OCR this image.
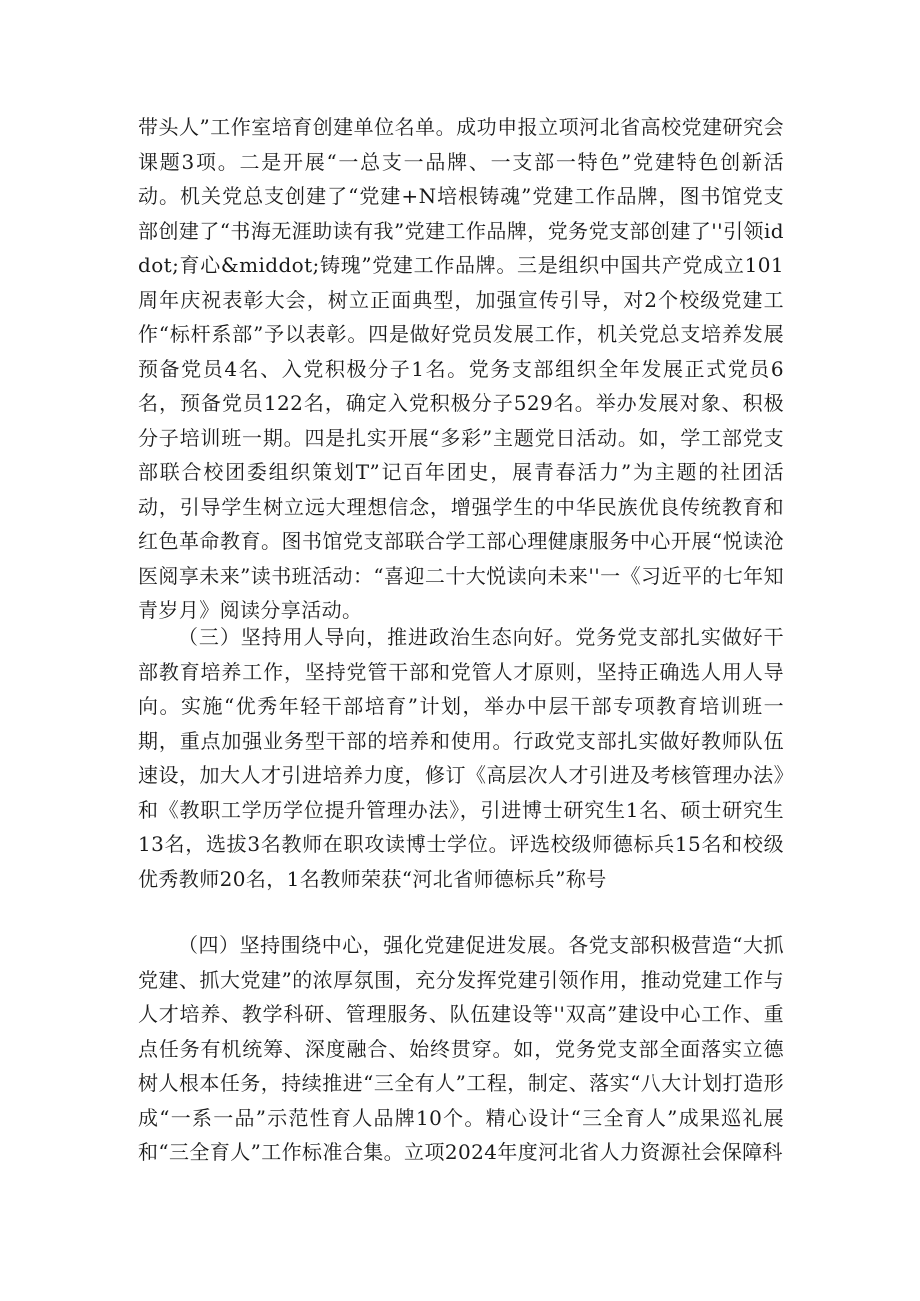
带头人”工作室培育创建单位名单。成功申报立项河北省高校党建研究会课题3项。二是开展“一总支一品牌、一支部一特色”党建特色创新活动。机关党总支创建了“党建+N培根铸魂”党建工作品牌，图书馆党支部创建了“书海无涯助读有我”党建工作品牌，党务党支部创建了''引领iddot;育心&middot;铸瑰”党建工作品牌。三是组织中国共产党成立101周年庆祝表彰大会，树立正面典型，加强宣传引导，对2个校级党建工作“标杆系部”予以表彰。四是做好党员发展工作，机关党总支培养发展预备党员4名、入党积极分子1名。党务支部组织全年发展正式党员6名，预备党员122名，确定入党积极分子529名。举办发展对象、积极分子培训班一期。四是扎实开展“多彩”主题党日活动。如，学工部党支部联合校团委组织策划T”记百年团史，展青春活力”为主题的社团活动，引导学生树立远大理想信念，增强学生的中华民族优良传统教育和红色革命教育。图书馆党支部联合学工部心理健康服务中心开展“悦读沧医阅享未来”读书班活动：“喜迎二十大悦读向未来''一《习近平的七年知青岁月》阅读分享活动。

（三）坚持用人导向，推进政治生态向好。党务党支部扎实做好干部教育培养工作，坚持党管干部和党管人才原则，坚持正确选人用人导向。实施“优秀年轻干部培育”计划，举办中层干部专项教育培训班一期，重点加强业务型干部的培养和使用。行政党支部扎实做好教师队伍速设，加大人才引进培养力度，修订《高层次人才引进及考核管理办法》和《教职工学历学位提升管理办法》，引进博士研究生1名、硕士研究生13名，选拔3名教师在职攻读博士学位。评选校级师德标兵15名和校级优秀教师20名，1名教师荣获“河北省师德标兵”称号

（四）坚持围绕中心，强化党建促进发展。各党支部积极营造“大抓党建、抓大党建”的浓厚氛围，充分发挥党建引领作用，推动党建工作与人才培养、教学科研、管理服务、队伍建设等''双高”建设中心工作、重点任务有机统筹、深度融合、始终贯穿。如，党务党支部全面落实立德树人根本任务，持续推进“三全有人”工程，制定、落实“八大计划打造形成“一系一品”示范性育人品牌10个。精心设计“三全育人”成果巡礼展和“三全育人”工作标准合集。立项2024年度河北省人力资源社会保障科
